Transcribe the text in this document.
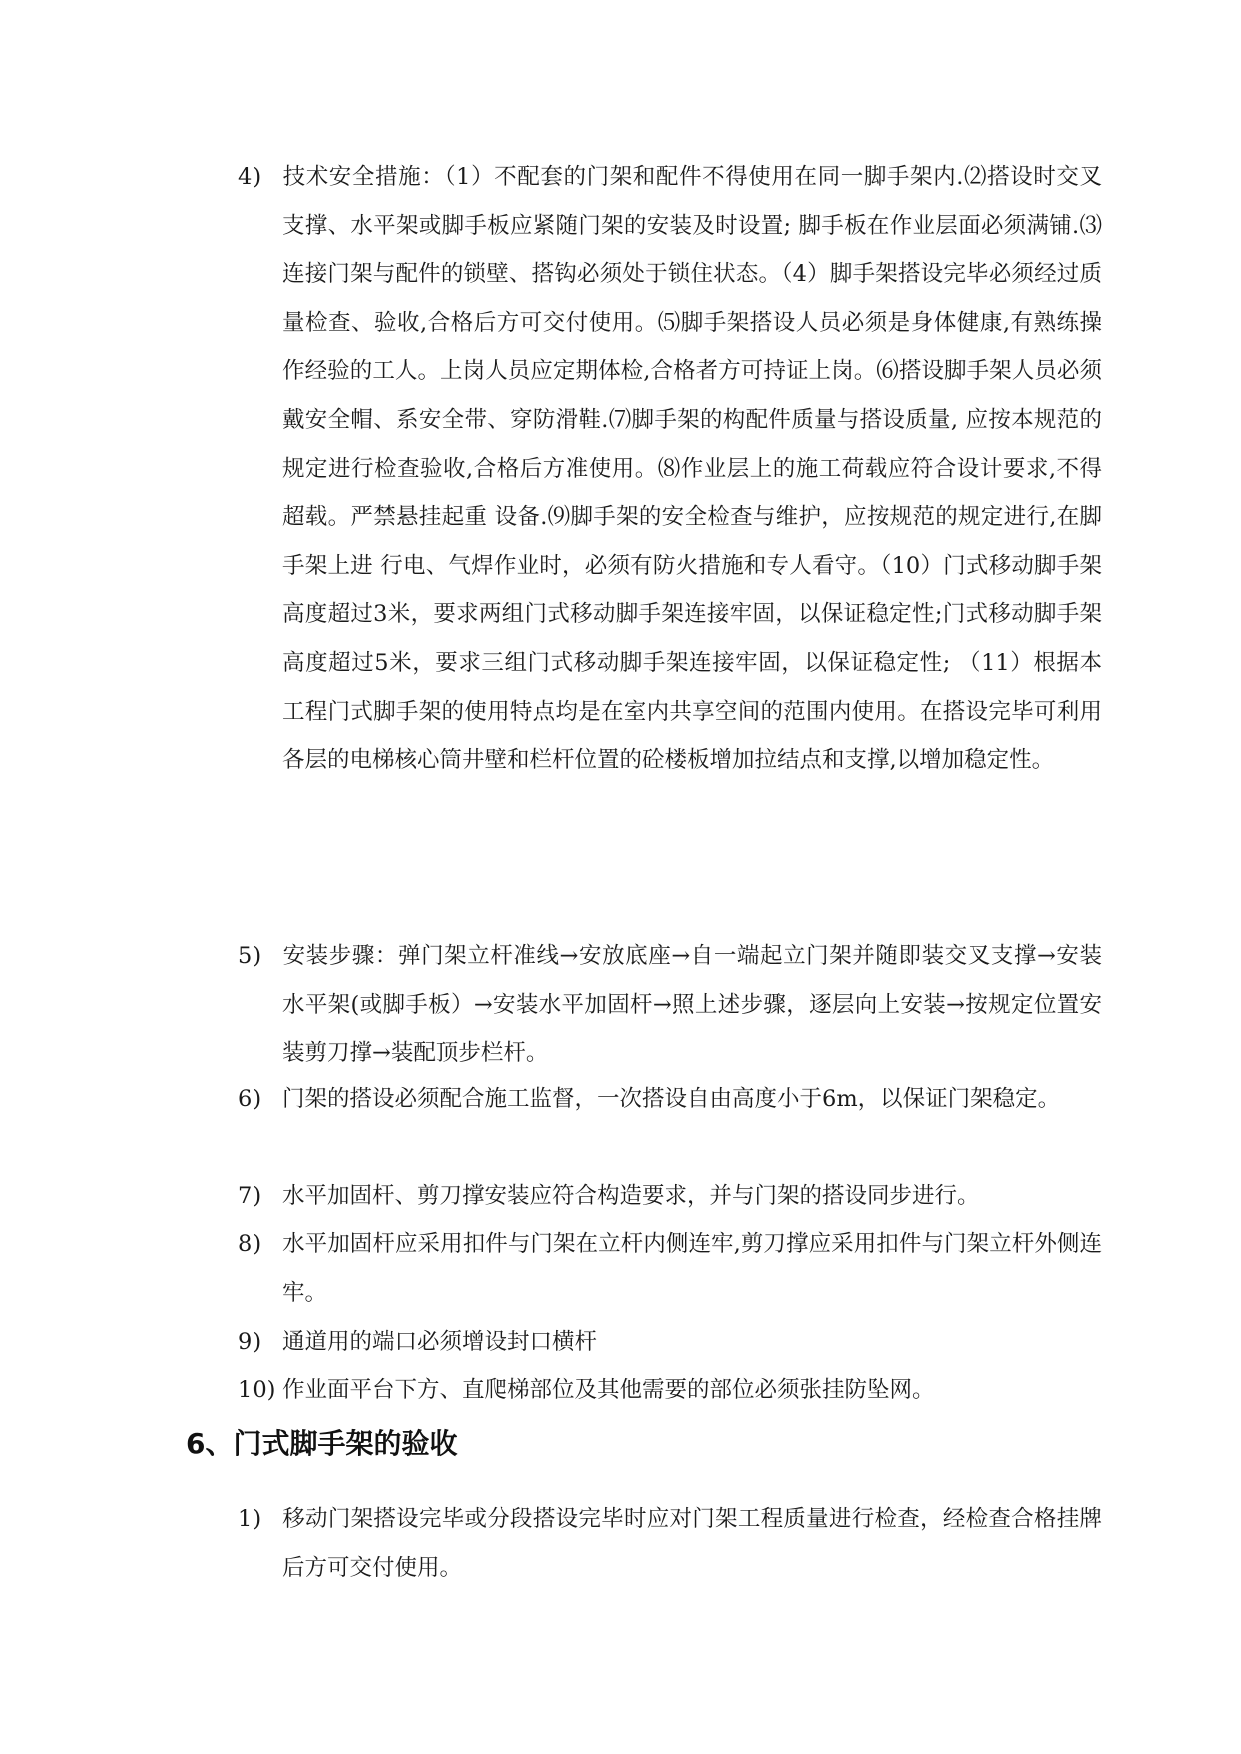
4) 技术安全措施：（1）不配套的门架和配件不得使用在同一脚手架内.⑵搭设时交叉支撑、水平架或脚手板应紧随门架的安装及时设置; 脚手板在作业层面必须满铺.⑶连接门架与配件的锁壁、搭钩必须处于锁住状态。（4）脚手架搭设完毕必须经过质量检查、验收,合格后方可交付使用。⑸脚手架搭设人员必须是身体健康,有熟练操作经验的工人。上岗人员应定期体检,合格者方可持证上岗。⑹搭设脚手架人员必须戴安全帽、系安全带、穿防滑鞋.⑺脚手架的构配件质量与搭设质量, 应按本规范的规定进行检查验收,合格后方准使用。⑻作业层上的施工荷载应符合设计要求,不得超载。严禁悬挂起重 设备.⑼脚手架的安全检查与维护，应按规范的规定进行,在脚手架上进 行电、气焊作业时，必须有防火措施和专人看守。（10）门式移动脚手架高度超过3米，要求两组门式移动脚手架连接牢固，以保证稳定性;门式移动脚手架高度超过5米，要求三组门式移动脚手架连接牢固，以保证稳定性; （11）根据本工程门式脚手架的使用特点均是在室内共享空间的范围内使用。在搭设完毕可利用各层的电梯核心筒井壁和栏杆位置的砼楼板增加拉结点和支撑,以增加稳定性。
5) 安装步骤：弹门架立杆准线→安放底座→自一端起立门架并随即装交叉支撑→安装水平架(或脚手板）→安装水平加固杆→照上述步骤，逐层向上安装→按规定位置安装剪刀撑→装配顶步栏杆。
6) 门架的搭设必须配合施工监督，一次搭设自由高度小于6m，以保证门架稳定。
7) 水平加固杆、剪刀撑安装应符合构造要求，并与门架的搭设同步进行。
8) 水平加固杆应采用扣件与门架在立杆内侧连牢,剪刀撑应采用扣件与门架立杆外侧连牢。
9) 通道用的端口必须增设封口横杆
10) 作业面平台下方、直爬梯部位及其他需要的部位必须张挂防坠网。
6、门式脚手架的验收
1) 移动门架搭设完毕或分段搭设完毕时应对门架工程质量进行检查，经检查合格挂牌后方可交付使用。
